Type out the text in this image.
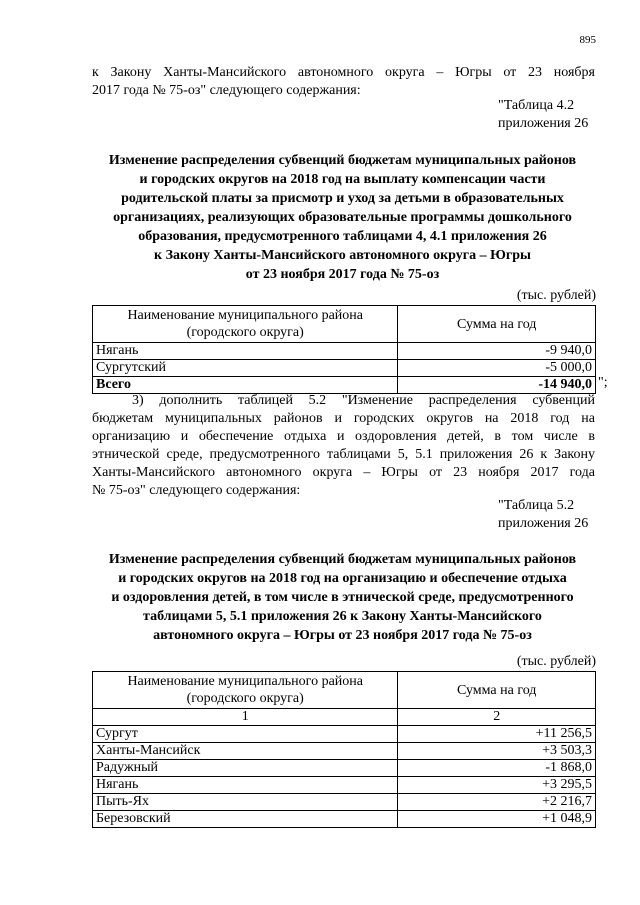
895
к Закону Ханты-Мансийского автономного округа – Югры от 23 ноября
2017 года № 75-оз" следующего содержания:
"Таблица 4.2
приложения 26
Изменение распределения субвенций бюджетам муниципальных районов
и городских округов на 2018 год на выплату компенсации части
родительской платы за присмотр и уход за детьми в образовательных
организациях, реализующих образовательные программы дошкольного
образования, предусмотренного таблицами 4, 4.1 приложения 26
к Закону Ханты-Мансийского автономного округа – Югры
от 23 ноября 2017 года № 75-оз
(тыс. рублей)
Наименование муниципального района
(городского округа)	Сумма на год
Нягань	-9 940,0
Сургутский	-5 000,0
Всего	-14 940,0 ";
3) дополнить таблицей 5.2 "Изменение распределения субвенций
бюджетам муниципальных районов и городских округов на 2018 год на
организацию и обеспечение отдыха и оздоровления детей, в том числе в
этнической среде, предусмотренного таблицами 5, 5.1 приложения 26 к Закону
Ханты-Мансийского автономного округа – Югры от 23 ноября 2017 года
№ 75-оз" следующего содержания:
"Таблица 5.2
приложения 26
Изменение распределения субвенций бюджетам муниципальных районов
и городских округов на 2018 год на организацию и обеспечение отдыха
и оздоровления детей, в том числе в этнической среде, предусмотренного
таблицами 5, 5.1 приложения 26 к Закону Ханты-Мансийского
автономного округа – Югры от 23 ноября 2017 года № 75-оз
(тыс. рублей)
Наименование муниципального района
(городского округа)	Сумма на год
1	2
Сургут	+11 256,5
Ханты-Мансийск	+3 503,3
Радужный	-1 868,0
Нягань	+3 295,5
Пыть-Ях	+2 216,7
Березовский	+1 048,9
